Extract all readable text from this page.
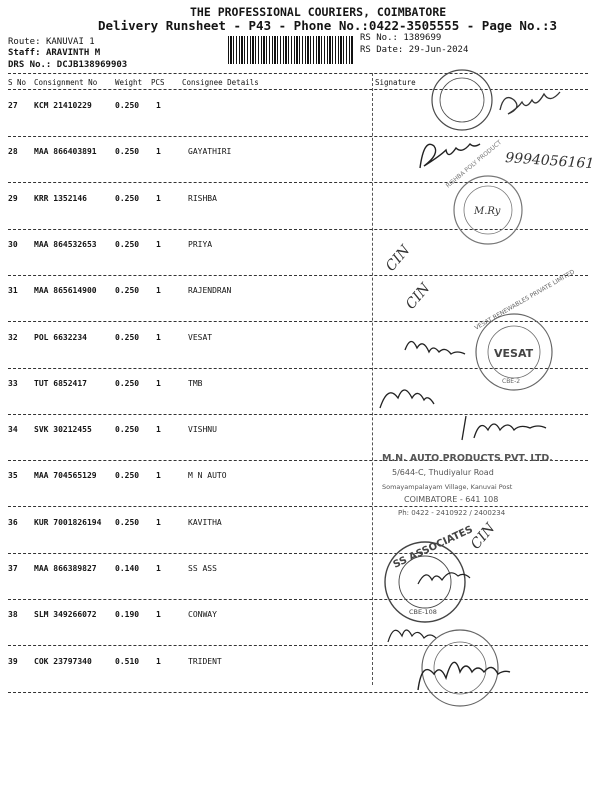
THE PROFESSIONAL COURIERS, COIMBATORE
Delivery Runsheet - P43 - Phone No.:0422-3505555 - Page No.:3
Route: KANUVAI 1
Staff: ARAVINTH M
DRS No.: DCJB138969903
RS No.: 1389699
RS Date: 29-Jun-2024
S No Consignment No Weight PCS Consignee Details	Signature
27 KCM 21410229	0.250 1
28 MAA 866403891 0.250 1	GAYATHIRI
29 KRR 1352146	0.250 1	RISHBA
30 MAA 864532653 0.250 1	PRIYA
31 MAA 865614900 0.250 1	RAJENDRAN
32 POL 6632234	0.250 1	VESAT
33 TUT 6852417	0.250 1	TMB
34 SVK 30212455	0.250 1	VISHNU
35 MAA 704565129 0.250 1	M N AUTO
36 KUR 7001826194 0.250 1	KAVITHA
37 MAA 866389827 0.140 1	SS ASS
38 SLM 349266072 0.190 1	CONWAY
39 COK 23797340	0.510 1	TRIDENT
9994056161
RISHBA POLY PRODUCT
M.Ry
CIN
CIN	VESAT RENEWABLES PRIVATE LIMITED
VESAT
CBE-2
M.N. AUTO PRODUCTS PVT. LTD.
5/644-C, Thudiyalur Road
Somayampalayam Village, Kanuvai Post
COIMBATORE - 641 108
Ph: 0422 - 2410922 / 2400234
CIN
SS ASSOCIATES
CBE-108
